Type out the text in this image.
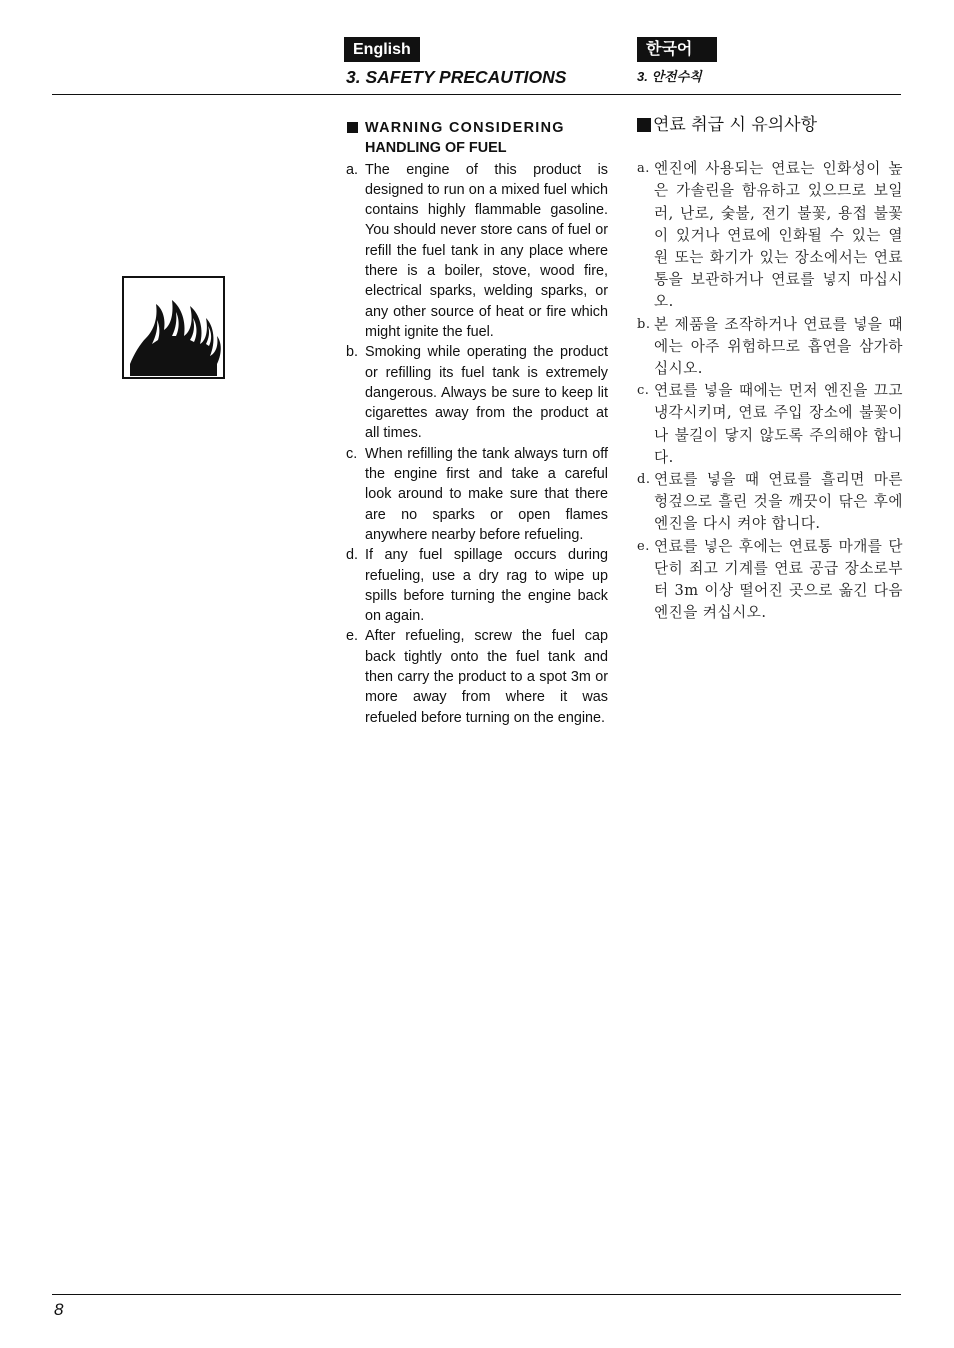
English	한국어
3. SAFETY PRECAUTIONS	3. 안전수칙
WARNING CONSIDERING
HANDLING OF FUEL
a. The engine of this product is designed to run on a mixed fuel which contains highly flammable gasoline. You should never store cans of fuel or refill the fuel tank in any place where there is a boiler, stove, wood fire, electrical sparks, welding sparks, or any other source of heat or fire which might ignite the fuel.
b. Smoking while operating the product or refilling its fuel tank is extremely dangerous. Always be sure to keep lit cigarettes away from the product at all times.
c. When refilling the tank always turn off the engine first and take a careful look around to make sure that there are no sparks or open flames anywhere nearby before refueling.
d. If any fuel spillage occurs during refueling, use a dry rag to wipe up spills before turning the engine back on again.
e. After refueling, screw the fuel cap back tightly onto the fuel tank and then carry the product to a spot 3m or more away from where it was refueled before turning on the engine.
연료 취급 시 유의사항
a. 엔진에 사용되는 연료는 인화성이 높은 가솔린을 함유하고 있으므로 보일러, 난로, 숯불, 전기 불꽃, 용접 불꽃이 있거나 연료에 인화될 수 있는 열원 또는 화기가 있는 장소에서는 연료통을 보관하거나 연료를 넣지 마십시오.
b. 본 제품을 조작하거나 연료를 넣을 때에는 아주 위험하므로 흡연을 삼가하십시오.
c. 연료를 넣을 때에는 먼저 엔진을 끄고 냉각시키며, 연료 주입 장소에 불꽃이나 불길이 닿지 않도록 주의해야 합니다.
d. 연료를 넣을 때 연료를 흘리면 마른 헝겊으로 흘린 것을 깨끗이 닦은 후에 엔진을 다시 켜야 합니다.
e. 연료를 넣은 후에는 연료통 마개를 단단히 죄고 기계를 연료 공급 장소로부터 3m 이상 떨어진 곳으로 옮긴 다음 엔진을 켜십시오.
8
